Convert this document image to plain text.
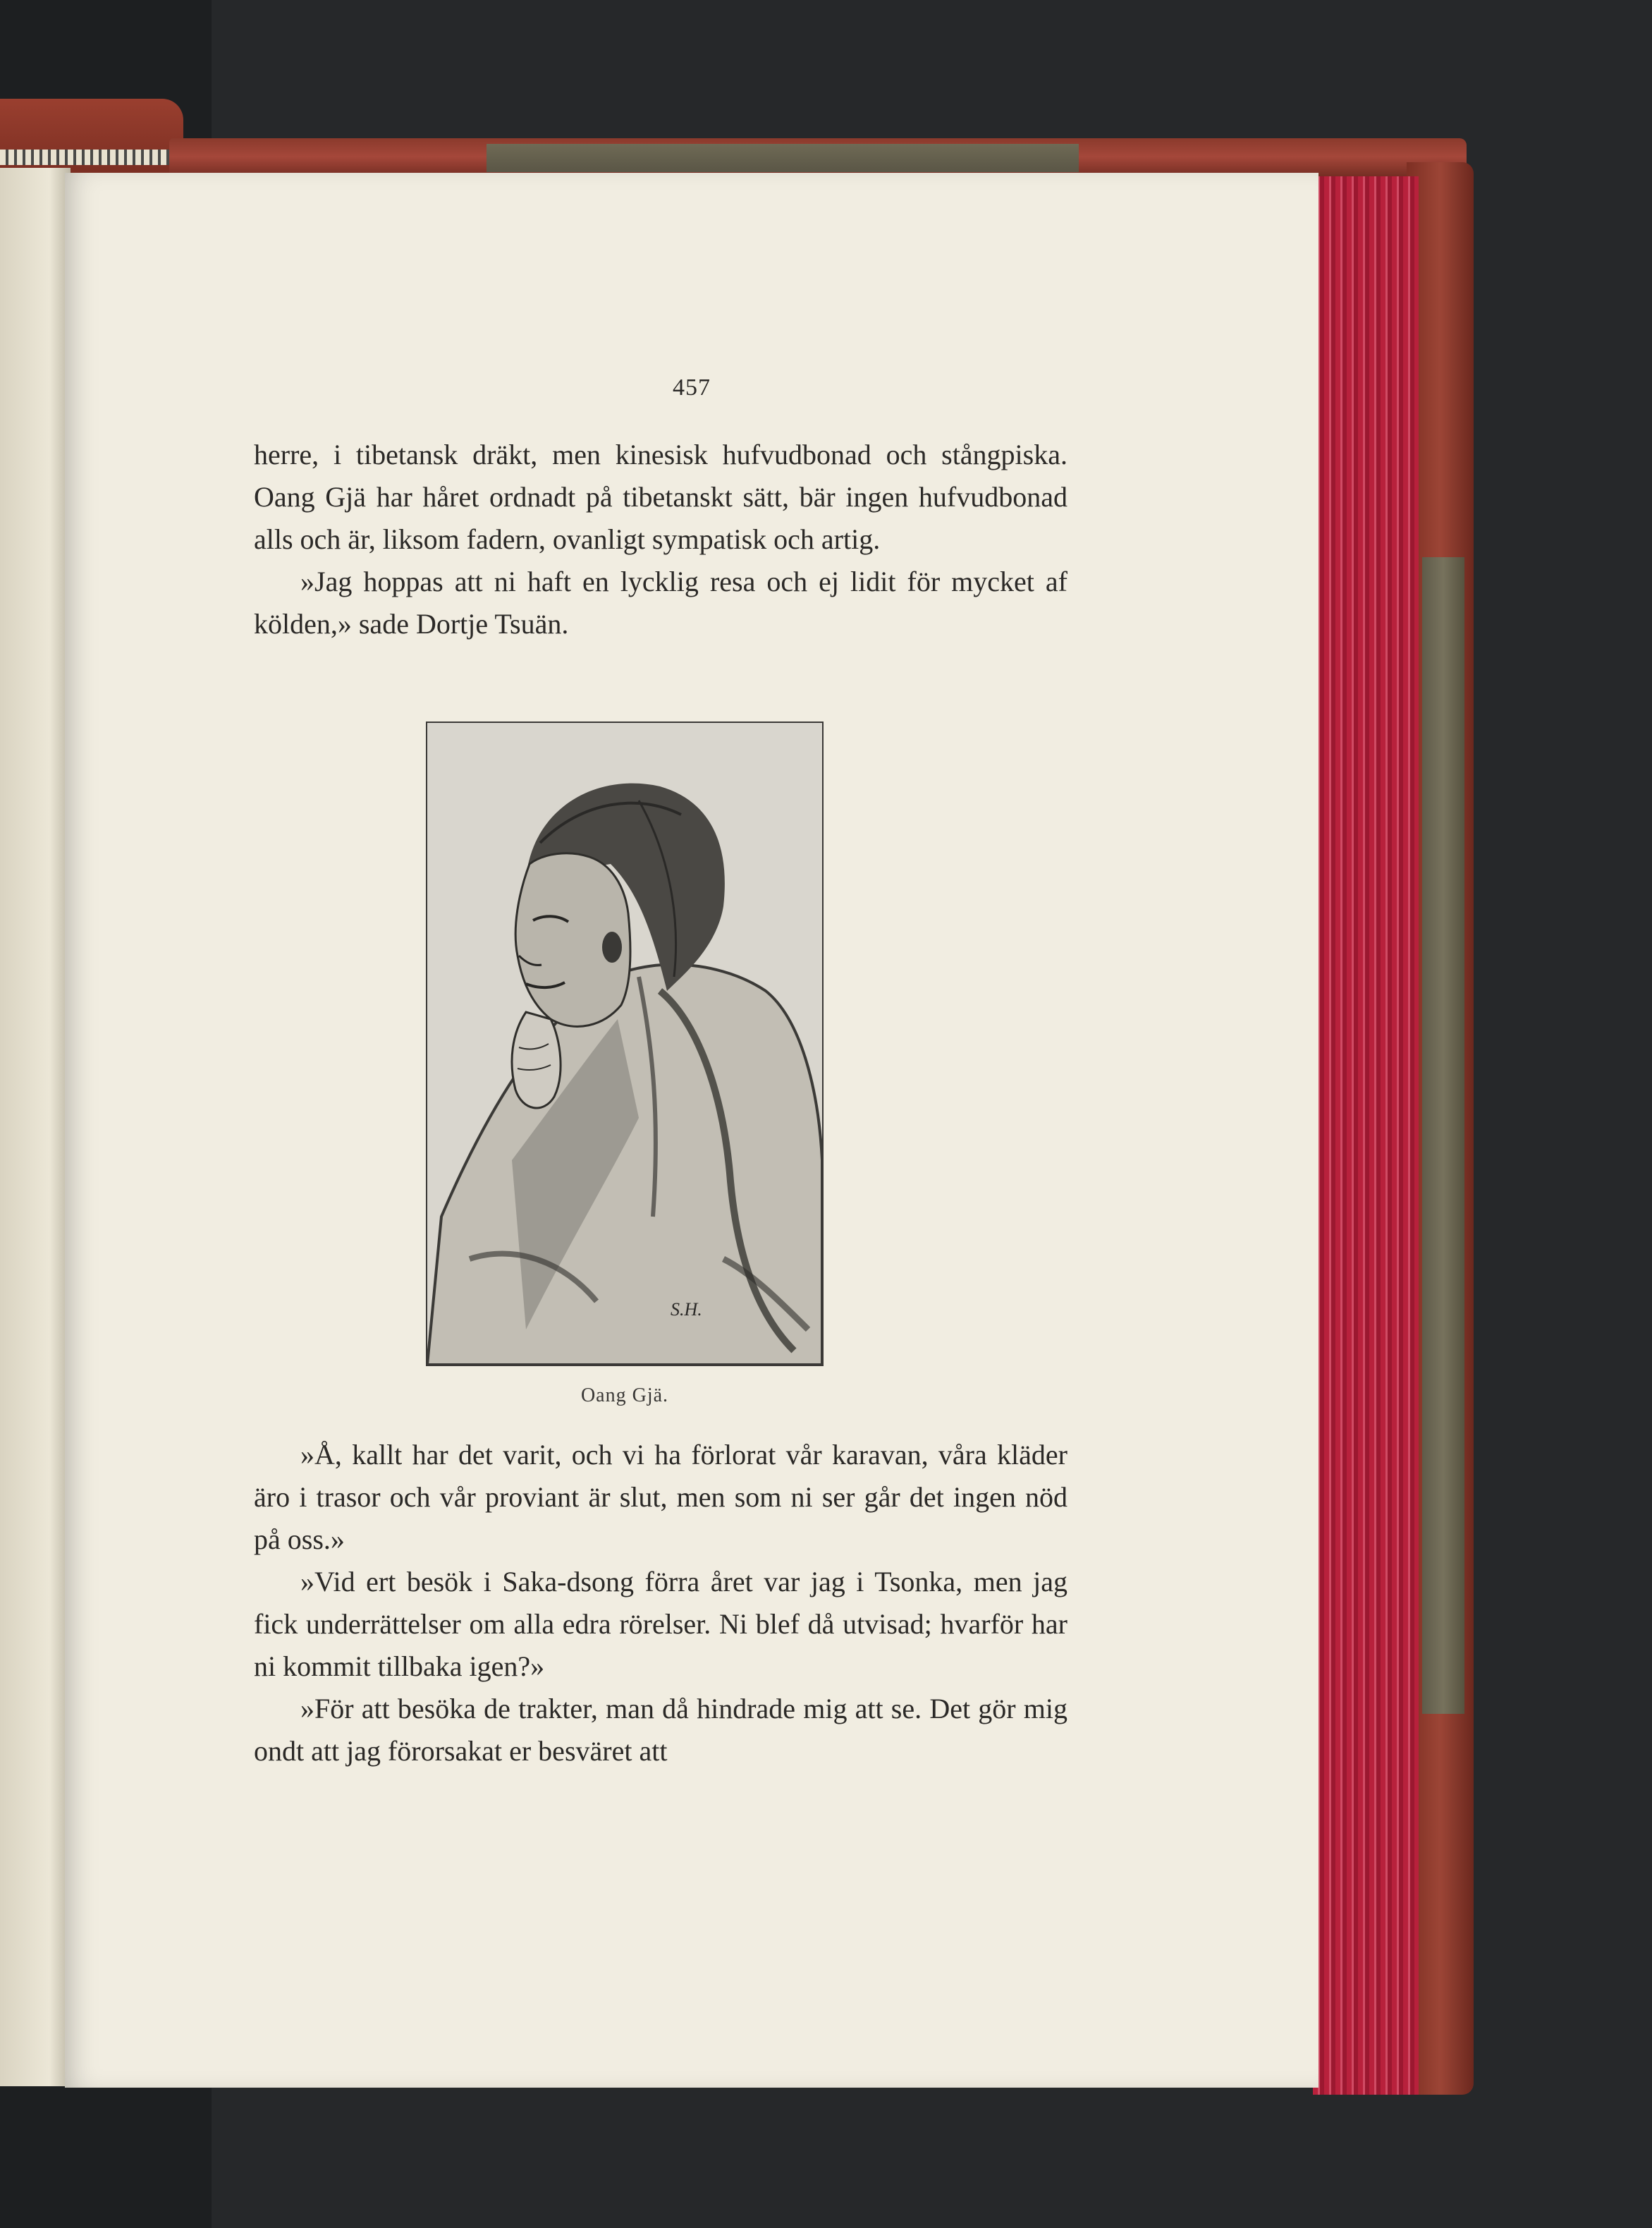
457

herre, i tibetansk dräkt, men kinesisk hufvudbonad och stångpiska. Oang Gjä har håret ordnadt på tibetanskt sätt, bär ingen hufvudbonad alls och är, liksom fadern, ovanligt sympatisk och artig.

»Jag hoppas att ni haft en lycklig resa och ej lidit för mycket af kölden,» sade Dortje Tsuän.

S.H.
Oang Gjä.

»Å, kallt har det varit, och vi ha förlorat vår karavan, våra kläder äro i trasor och vår proviant är slut, men som ni ser går det ingen nöd på oss.»

»Vid ert besök i Saka-dsong förra året var jag i Tsonka, men jag fick underrättelser om alla edra rörelser. Ni blef då utvisad; hvarför har ni kommit tillbaka igen?»

»För att besöka de trakter, man då hindrade mig att se. Det gör mig ondt att jag förorsakat er besväret att
